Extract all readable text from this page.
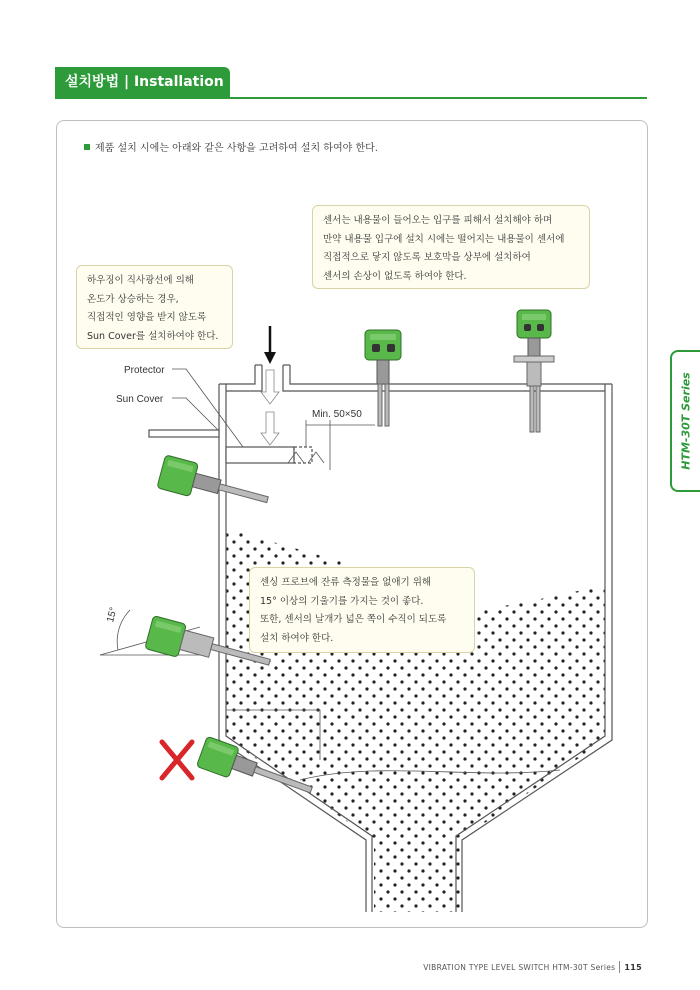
설치방법 | Installation
HTM-30T Series
제품 설치 시에는 아래와 같은 사항을 고려하여 설치 하여야 한다.
Protector
Sun Cover
Min. 50×50
15°
센서는 내용물이 들어오는 입구를 피해서 설치해야 하며
만약 내용물 입구에 설치 시에는 떨어지는 내용물이 센서에
직접적으로 닿지 않도록 보호막을 상부에 설치하여
센서의 손상이 없도록 하여야 한다.
하우징이 직사광선에 의해
온도가 상승하는 경우,
직접적인 영향을 받지 않도록
Sun Cover를 설치하여야 한다.
센싱 프로브에 잔류 측정물을 없애기 위해
15° 이상의 기울기를 가지는 것이 좋다.
또한, 센서의 날개가 넓은 쪽이 수직이 되도록
설치 하여야 한다.
VIBRATION TYPE LEVEL SWITCH HTM-30T Series 115
